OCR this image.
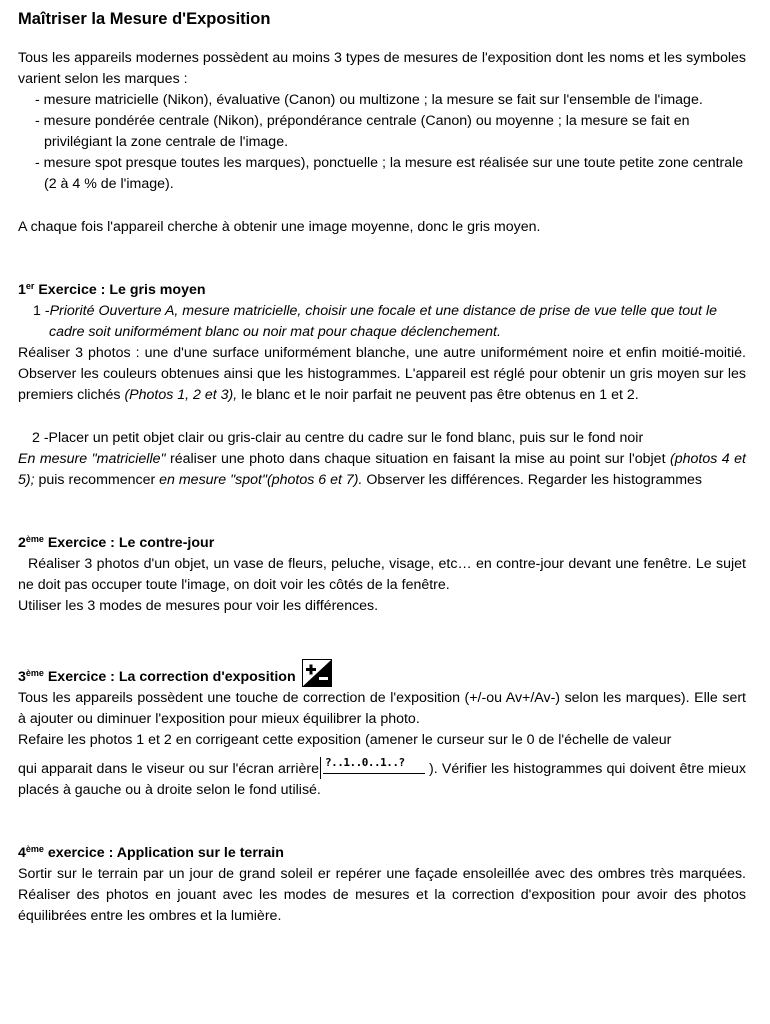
Maîtriser la Mesure d'Exposition

Tous les appareils modernes possèdent au moins 3 types de mesures de l'exposition dont les noms et les symboles varient selon les marques :

- mesure matricielle (Nikon), évaluative (Canon) ou multizone ; la mesure se fait sur l'ensemble de l'image.

- mesure pondérée centrale (Nikon), prépondérance centrale (Canon) ou moyenne ; la mesure se fait en privilégiant la zone centrale de l'image.

- mesure spot presque toutes les marques), ponctuelle ; la mesure est réalisée sur une toute petite zone centrale (2 à 4 % de l'image).

A chaque fois l'appareil cherche à obtenir une image moyenne, donc le gris moyen.

1er Exercice : Le gris moyen

1 -Priorité Ouverture A, mesure matricielle, choisir une focale et une distance de prise de vue telle que tout le cadre soit uniformément blanc ou noir mat pour chaque déclenchement.

Réaliser 3 photos : une d'une surface uniformément blanche, une autre uniformément noire et enfin moitié-moitié. Observer les couleurs obtenues ainsi que les histogrammes. L'appareil est réglé pour obtenir un gris moyen sur les premiers clichés (Photos 1, 2 et 3), le blanc et le noir parfait ne peuvent pas être obtenus en 1 et 2.

2 -Placer un petit objet clair ou gris-clair au centre du cadre sur le fond blanc, puis sur le fond noir

En mesure "matricielle" réaliser une photo dans chaque situation en faisant la mise au point sur l'objet (photos 4 et 5); puis recommencer en mesure "spot"(photos 6 et 7). Observer les différences. Regarder les histogrammes

2ème Exercice : Le contre-jour

Réaliser 3 photos d'un objet, un vase de fleurs, peluche, visage, etc… en contre-jour devant une fenêtre. Le sujet ne doit pas occuper toute l'image, on doit voir les côtés de la fenêtre.

Utiliser les 3 modes de mesures pour voir les différences.

3ème Exercice : La correction d'exposition

Tous les appareils possèdent une touche de correction de l'exposition (+/-ou Av+/Av-) selon les marques). Elle sert à ajouter ou diminuer l'exposition pour mieux équilibrer la photo.

Refaire les photos 1 et 2 en corrigeant cette exposition (amener le curseur sur le 0 de l'échelle de valeur

qui apparait dans le viseur ou sur l'écran arrière ?..1..0..1..? ). Vérifier les histogrammes qui doivent être mieux placés à gauche ou à droite selon le fond utilisé.

4ème exercice : Application sur le terrain

Sortir sur le terrain par un jour de grand soleil er repérer une façade ensoleillée avec des ombres très marquées. Réaliser des photos en jouant avec les modes de mesures et la correction d'exposition pour avoir des photos équilibrées entre les ombres et la lumière.
